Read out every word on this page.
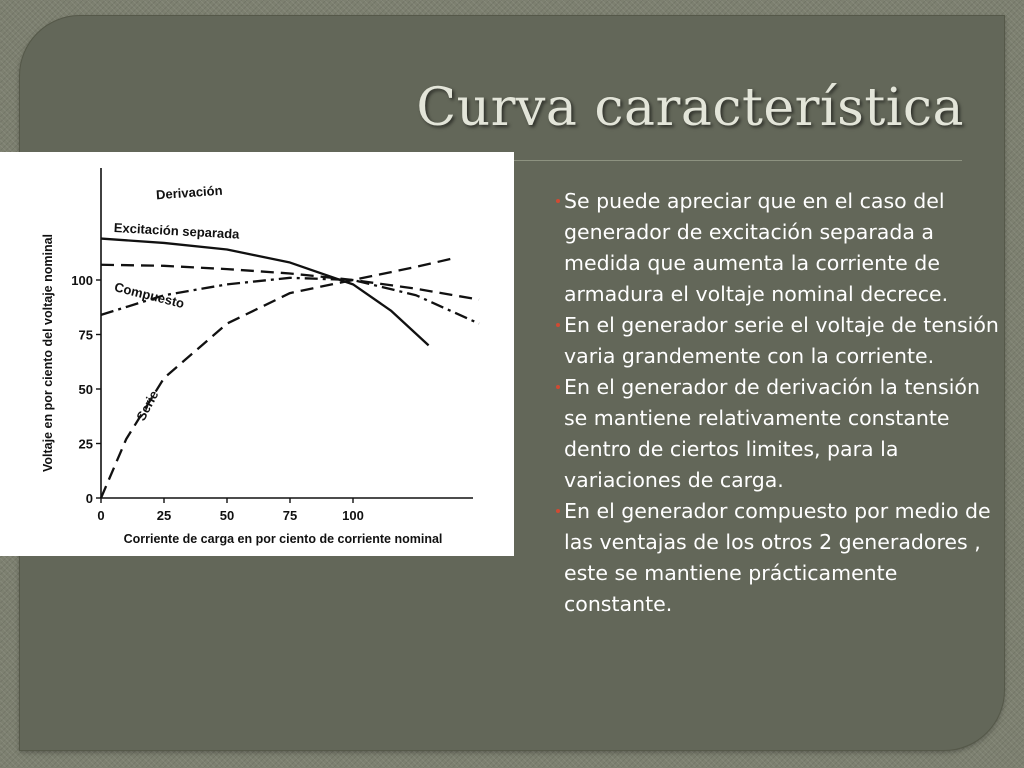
Curva característica
0	25	50	75	100
0
25
50
75
100
Corriente de carga en por ciento de corriente nominal
Voltaje en por ciento del voltaje nominal
Derivación
Excitación separada
Compuesto
Serie
Se puede apreciar que en el caso del generador de excitación separada a medida que aumenta la corriente de armadura el voltaje nominal decrece.
En el generador serie el voltaje de tensión varia grandemente con la corriente.
En el generador de derivación la tensión se mantiene relativamente constante dentro de ciertos limites, para la variaciones de carga.
En el generador compuesto por medio de las ventajas de los otros 2 generadores , este se mantiene prácticamente constante.
